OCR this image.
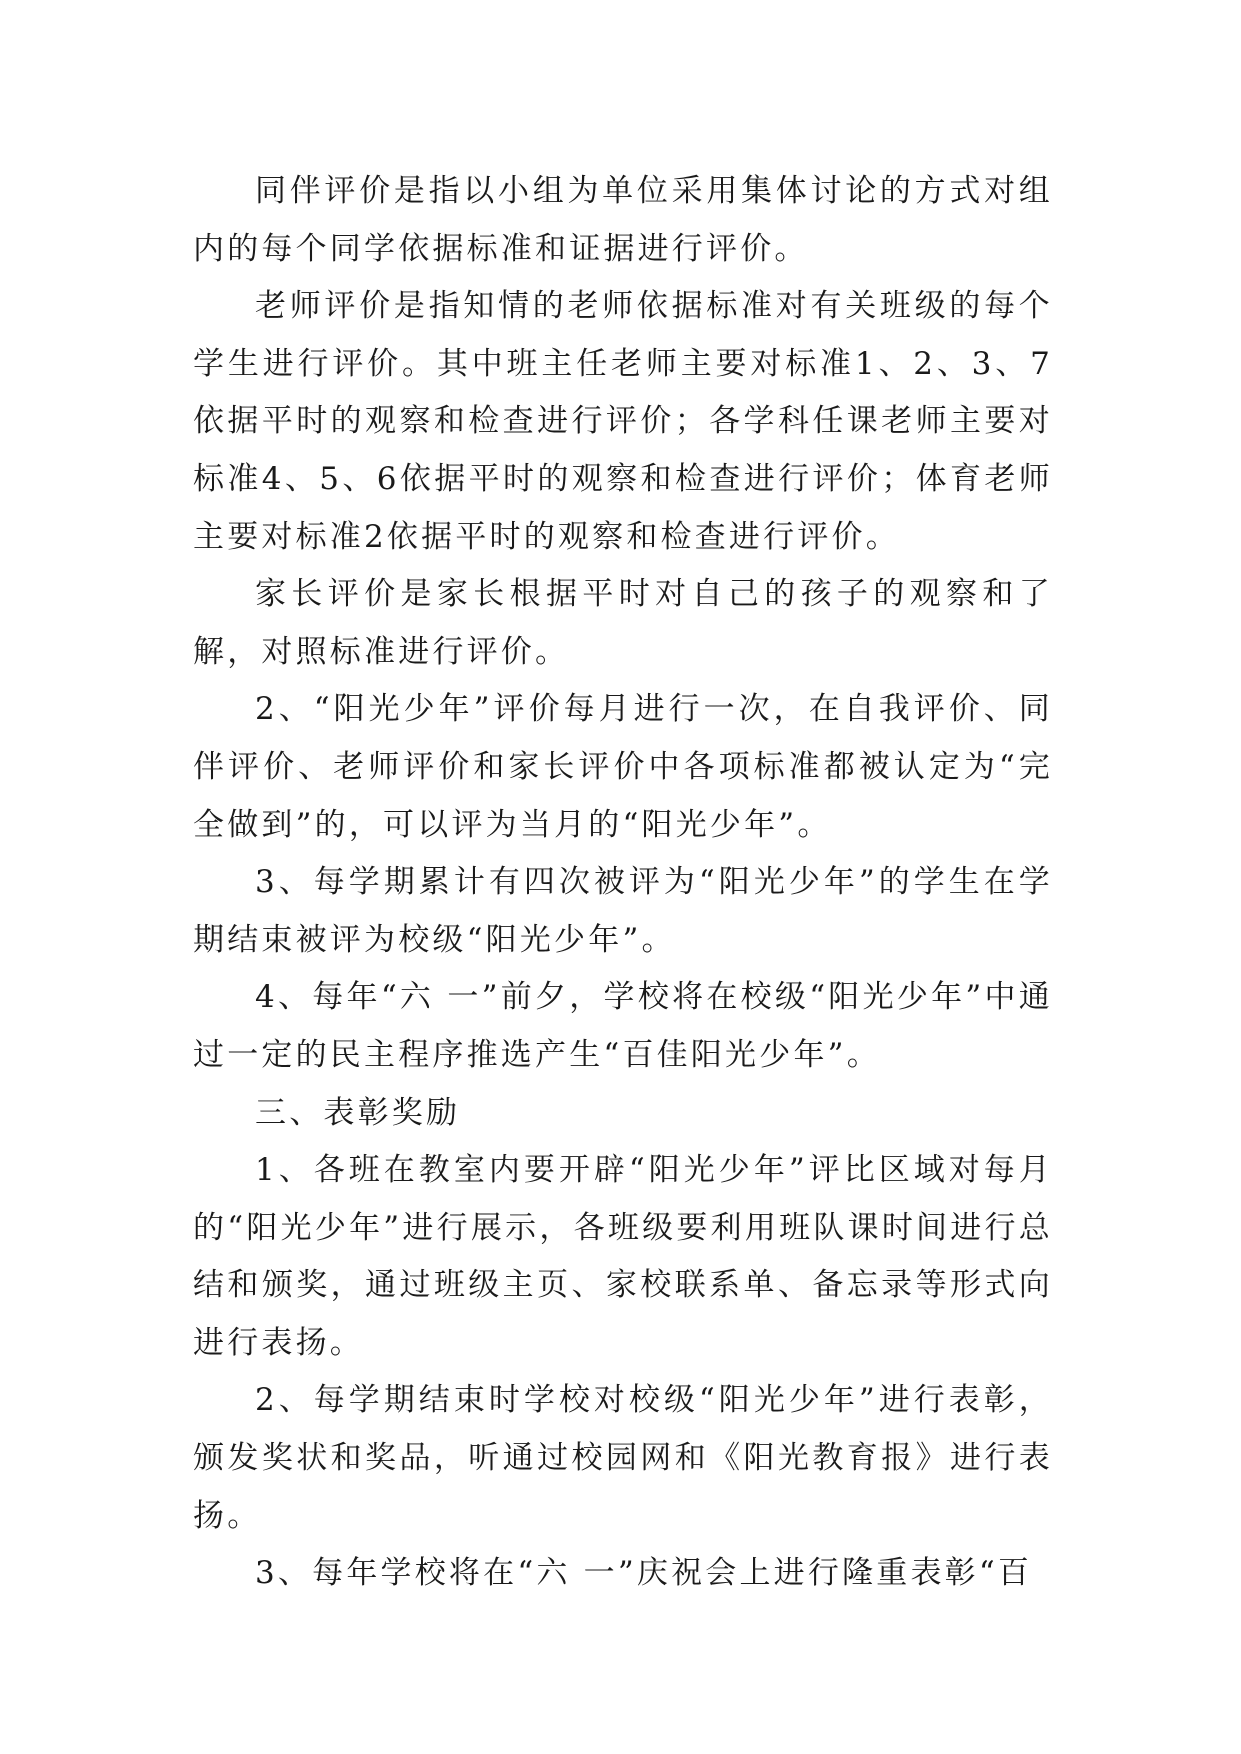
同伴评价是指以小组为单位采用集体讨论的方式对组内的每个同学依据标准和证据进行评价。

老师评价是指知情的老师依据标准对有关班级的每个学生进行评价。其中班主任老师主要对标准1、2、3、7依据平时的观察和检查进行评价；各学科任课老师主要对标准4、5、6依据平时的观察和检查进行评价；体育老师主要对标准2依据平时的观察和检查进行评价。

家长评价是家长根据平时对自己的孩子的观察和了解，对照标准进行评价。

2、“阳光少年”评价每月进行一次，在自我评价、同伴评价、老师评价和家长评价中各项标准都被认定为“完全做到”的，可以评为当月的“阳光少年”。

3、每学期累计有四次被评为“阳光少年”的学生在学期结束被评为校级“阳光少年”。

4、每年“六 一”前夕，学校将在校级“阳光少年”中通过一定的民主程序推选产生“百佳阳光少年”。

三、表彰奖励

1、各班在教室内要开辟“阳光少年”评比区域对每月的“阳光少年”进行展示，各班级要利用班队课时间进行总结和颁奖，通过班级主页、家校联系单、备忘录等形式向进行表扬。

2、每学期结束时学校对校级“阳光少年”进行表彰，颁发奖状和奖品，听通过校园网和《阳光教育报》进行表扬。

3、每年学校将在“六 一”庆祝会上进行隆重表彰“百
